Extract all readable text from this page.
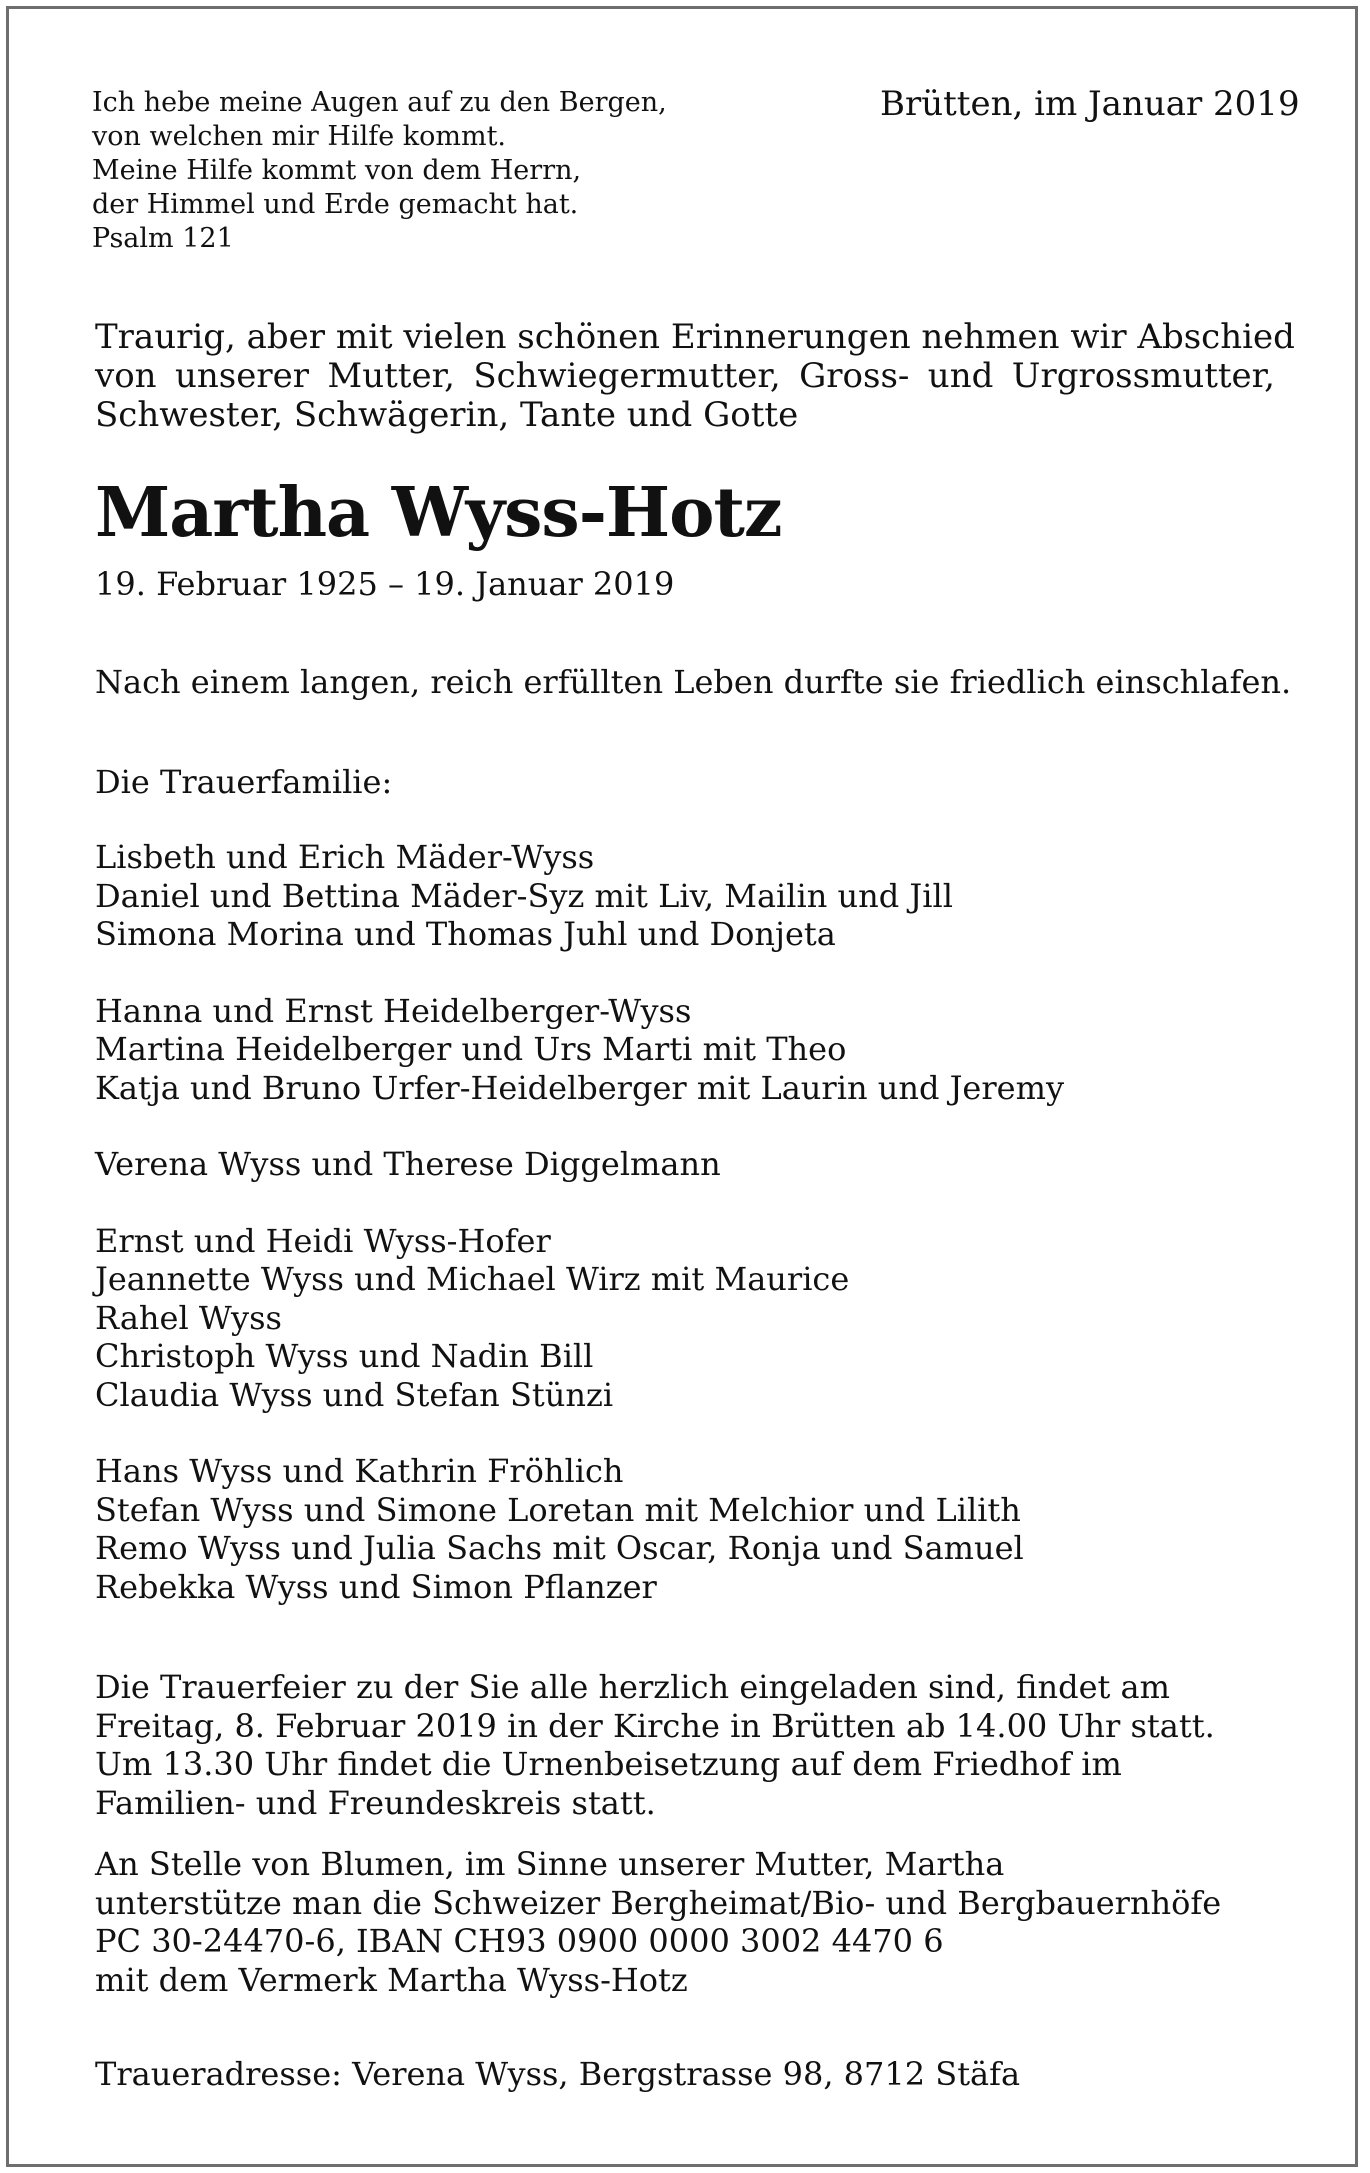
Ich hebe meine Augen auf zu den Bergen,
von welchen mir Hilfe kommt.
Meine Hilfe kommt von dem Herrn,
der Himmel und Erde gemacht hat.
Psalm 121
Brütten, im Januar 2019
Traurig, aber mit vielen schönen Erinnerungen nehmen wir Abschied
von unserer Mutter, Schwiegermutter, Gross- und Urgrossmutter,
Schwester, Schwägerin, Tante und Gotte
Martha Wyss-Hotz
19. Februar 1925 – 19. Januar 2019
Nach einem langen, reich erfüllten Leben durfte sie friedlich einschlafen.
Die Trauerfamilie:
Lisbeth und Erich Mäder-Wyss
Daniel und Bettina Mäder-Syz mit Liv, Mailin und Jill
Simona Morina und Thomas Juhl und Donjeta
Hanna und Ernst Heidelberger-Wyss
Martina Heidelberger und Urs Marti mit Theo
Katja und Bruno Urfer-Heidelberger mit Laurin und Jeremy
Verena Wyss und Therese Diggelmann
Ernst und Heidi Wyss-Hofer
Jeannette Wyss und Michael Wirz mit Maurice
Rahel Wyss
Christoph Wyss und Nadin Bill
Claudia Wyss und Stefan Stünzi
Hans Wyss und Kathrin Fröhlich
Stefan Wyss und Simone Loretan mit Melchior und Lilith
Remo Wyss und Julia Sachs mit Oscar, Ronja und Samuel
Rebekka Wyss und Simon Pflanzer
Die Trauerfeier zu der Sie alle herzlich eingeladen sind, findet am
Freitag, 8. Februar 2019 in der Kirche in Brütten ab 14.00 Uhr statt.
Um 13.30 Uhr findet die Urnenbeisetzung auf dem Friedhof im
Familien- und Freundeskreis statt.
An Stelle von Blumen, im Sinne unserer Mutter, Martha
unterstütze man die Schweizer Bergheimat/Bio- und Bergbauernhöfe
PC 30-24470-6, IBAN CH93 0900 0000 3002 4470 6
mit dem Vermerk Martha Wyss-Hotz
Traueradresse: Verena Wyss, Bergstrasse 98, 8712 Stäfa
